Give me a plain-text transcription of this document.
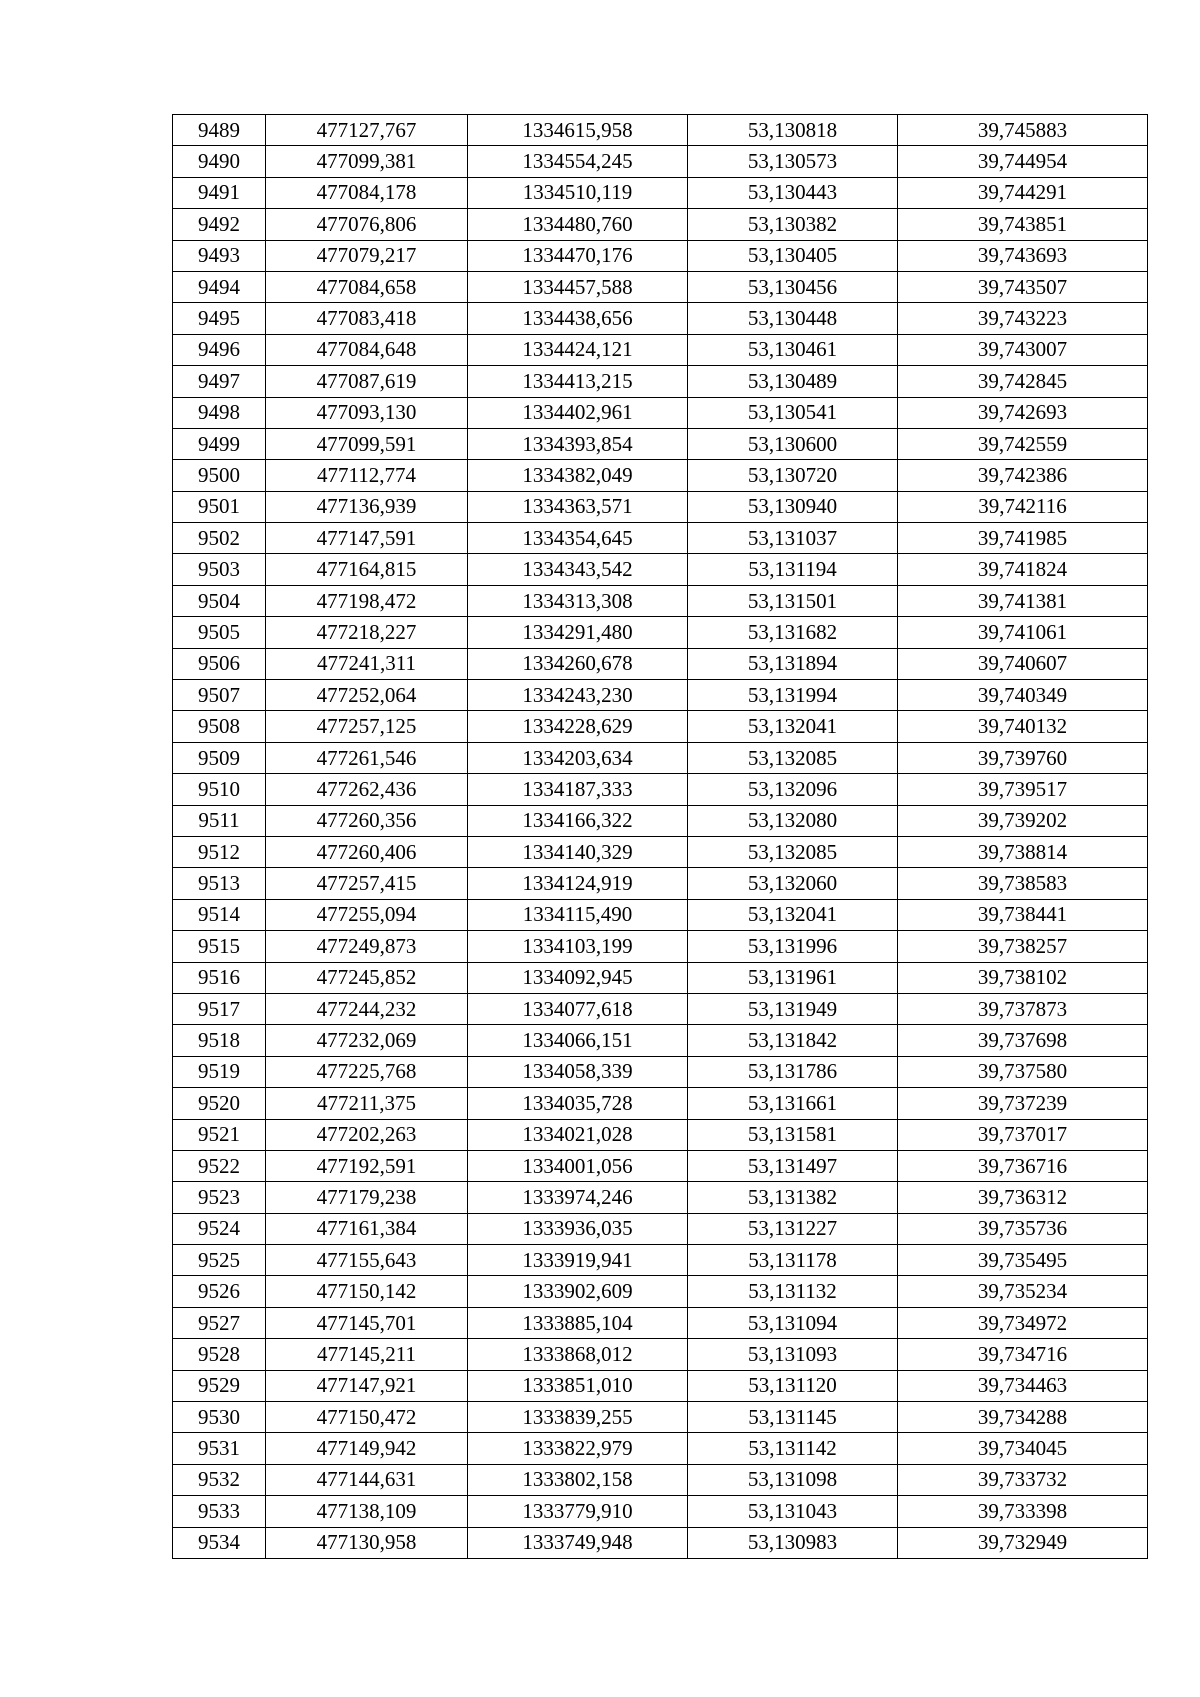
9489	477127,767	1334615,958	53,130818	39,745883
9490	477099,381	1334554,245	53,130573	39,744954
9491	477084,178	1334510,119	53,130443	39,744291
9492	477076,806	1334480,760	53,130382	39,743851
9493	477079,217	1334470,176	53,130405	39,743693
9494	477084,658	1334457,588	53,130456	39,743507
9495	477083,418	1334438,656	53,130448	39,743223
9496	477084,648	1334424,121	53,130461	39,743007
9497	477087,619	1334413,215	53,130489	39,742845
9498	477093,130	1334402,961	53,130541	39,742693
9499	477099,591	1334393,854	53,130600	39,742559
9500	477112,774	1334382,049	53,130720	39,742386
9501	477136,939	1334363,571	53,130940	39,742116
9502	477147,591	1334354,645	53,131037	39,741985
9503	477164,815	1334343,542	53,131194	39,741824
9504	477198,472	1334313,308	53,131501	39,741381
9505	477218,227	1334291,480	53,131682	39,741061
9506	477241,311	1334260,678	53,131894	39,740607
9507	477252,064	1334243,230	53,131994	39,740349
9508	477257,125	1334228,629	53,132041	39,740132
9509	477261,546	1334203,634	53,132085	39,739760
9510	477262,436	1334187,333	53,132096	39,739517
9511	477260,356	1334166,322	53,132080	39,739202
9512	477260,406	1334140,329	53,132085	39,738814
9513	477257,415	1334124,919	53,132060	39,738583
9514	477255,094	1334115,490	53,132041	39,738441
9515	477249,873	1334103,199	53,131996	39,738257
9516	477245,852	1334092,945	53,131961	39,738102
9517	477244,232	1334077,618	53,131949	39,737873
9518	477232,069	1334066,151	53,131842	39,737698
9519	477225,768	1334058,339	53,131786	39,737580
9520	477211,375	1334035,728	53,131661	39,737239
9521	477202,263	1334021,028	53,131581	39,737017
9522	477192,591	1334001,056	53,131497	39,736716
9523	477179,238	1333974,246	53,131382	39,736312
9524	477161,384	1333936,035	53,131227	39,735736
9525	477155,643	1333919,941	53,131178	39,735495
9526	477150,142	1333902,609	53,131132	39,735234
9527	477145,701	1333885,104	53,131094	39,734972
9528	477145,211	1333868,012	53,131093	39,734716
9529	477147,921	1333851,010	53,131120	39,734463
9530	477150,472	1333839,255	53,131145	39,734288
9531	477149,942	1333822,979	53,131142	39,734045
9532	477144,631	1333802,158	53,131098	39,733732
9533	477138,109	1333779,910	53,131043	39,733398
9534	477130,958	1333749,948	53,130983	39,732949
